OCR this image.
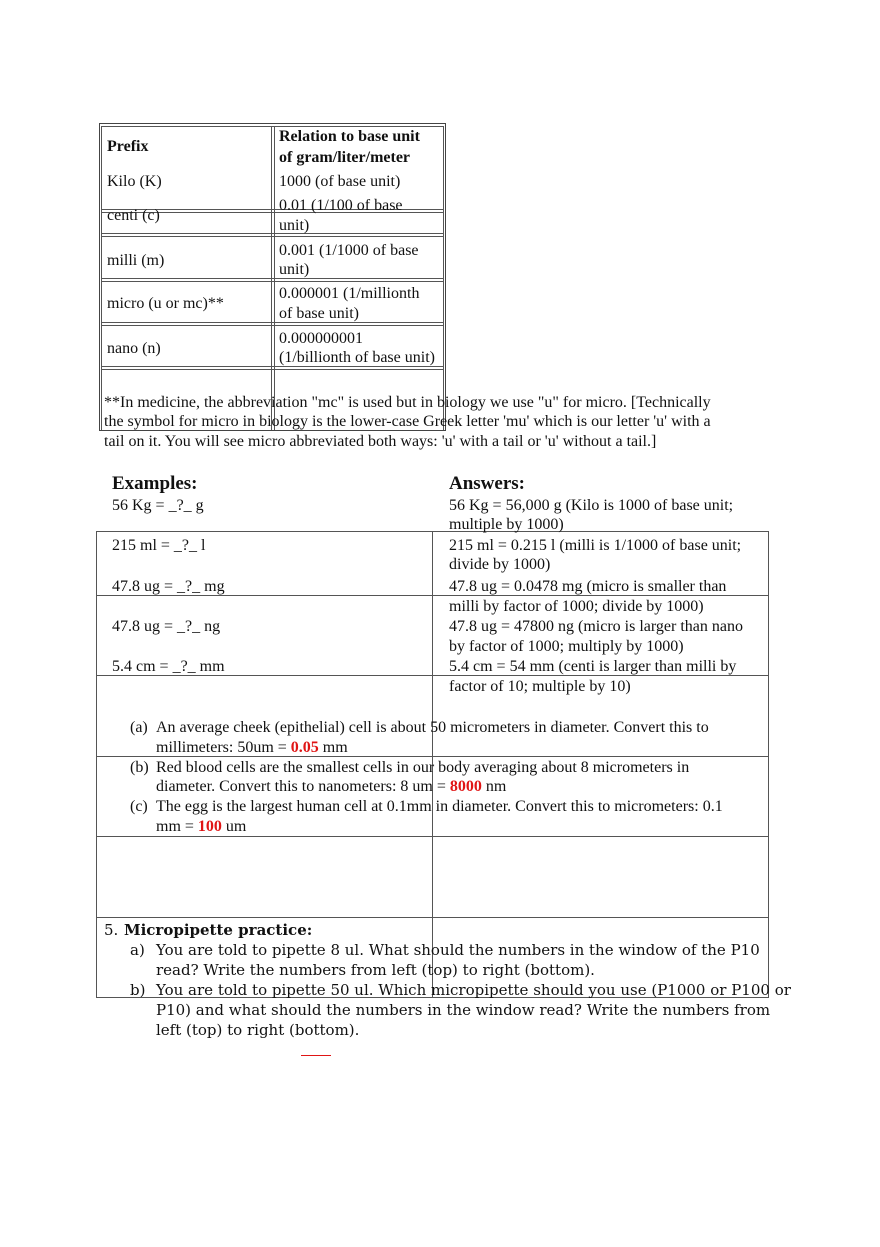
Prefix
Relation to base unit
of gram/liter/meter
Kilo (K)	1000 (of base unit)
centi (c)
0.01 (1/100 of base
unit)
milli (m)
0.001 (1/1000 of base
unit)
micro (u or mc)**
0.000001 (1/millionth
of base unit)
nano (n)
0.000000001
(1/billionth of base unit)
**In medicine, the abbreviation "mc" is used but in biology we use "u" for micro. [Technically
the symbol for micro in biology is the lower-case Greek letter 'mu' which is our letter 'u' with a
tail on it. You will see micro abbreviated both ways: 'u' with a tail or 'u' without a tail.]
Examples:	Answers:
56 Kg = _?_ g
215 ml = _?_ l
47.8 ug = _?_ mg
47.8 ug = _?_ ng
5.4 cm = _?_ mm
56 Kg = 56,000 g (Kilo is 1000 of base unit;
multiple by 1000)
215 ml = 0.215 l (milli is 1/1000 of base unit;
divide by 1000)
47.8 ug = 0.0478 mg (micro is smaller than
milli by factor of 1000; divide by 1000)
47.8 ug = 47800 ng (micro is larger than nano
by factor of 1000; multiply by 1000)
5.4 cm = 54 mm (centi is larger than milli by
factor of 10; multiple by 10)
(a) An average cheek (epithelial) cell is about 50 micrometers in diameter. Convert this to
millimeters: 50um = 0.05 mm
(b) Red blood cells are the smallest cells in our body averaging about 8 micrometers in
diameter. Convert this to nanometers: 8 um = 8000 nm
(c) The egg is the largest human cell at 0.1mm in diameter. Convert this to micrometers: 0.1
mm = 100 um
5. Micropipette practice:
a) You are told to pipette 8 ul. What should the numbers in the window of the P10
read? Write the numbers from left (top) to right (bottom).
b) You are told to pipette 50 ul. Which micropipette should you use (P1000 or P100 or
P10) and what should the numbers in the window read? Write the numbers from
left (top) to right (bottom).
